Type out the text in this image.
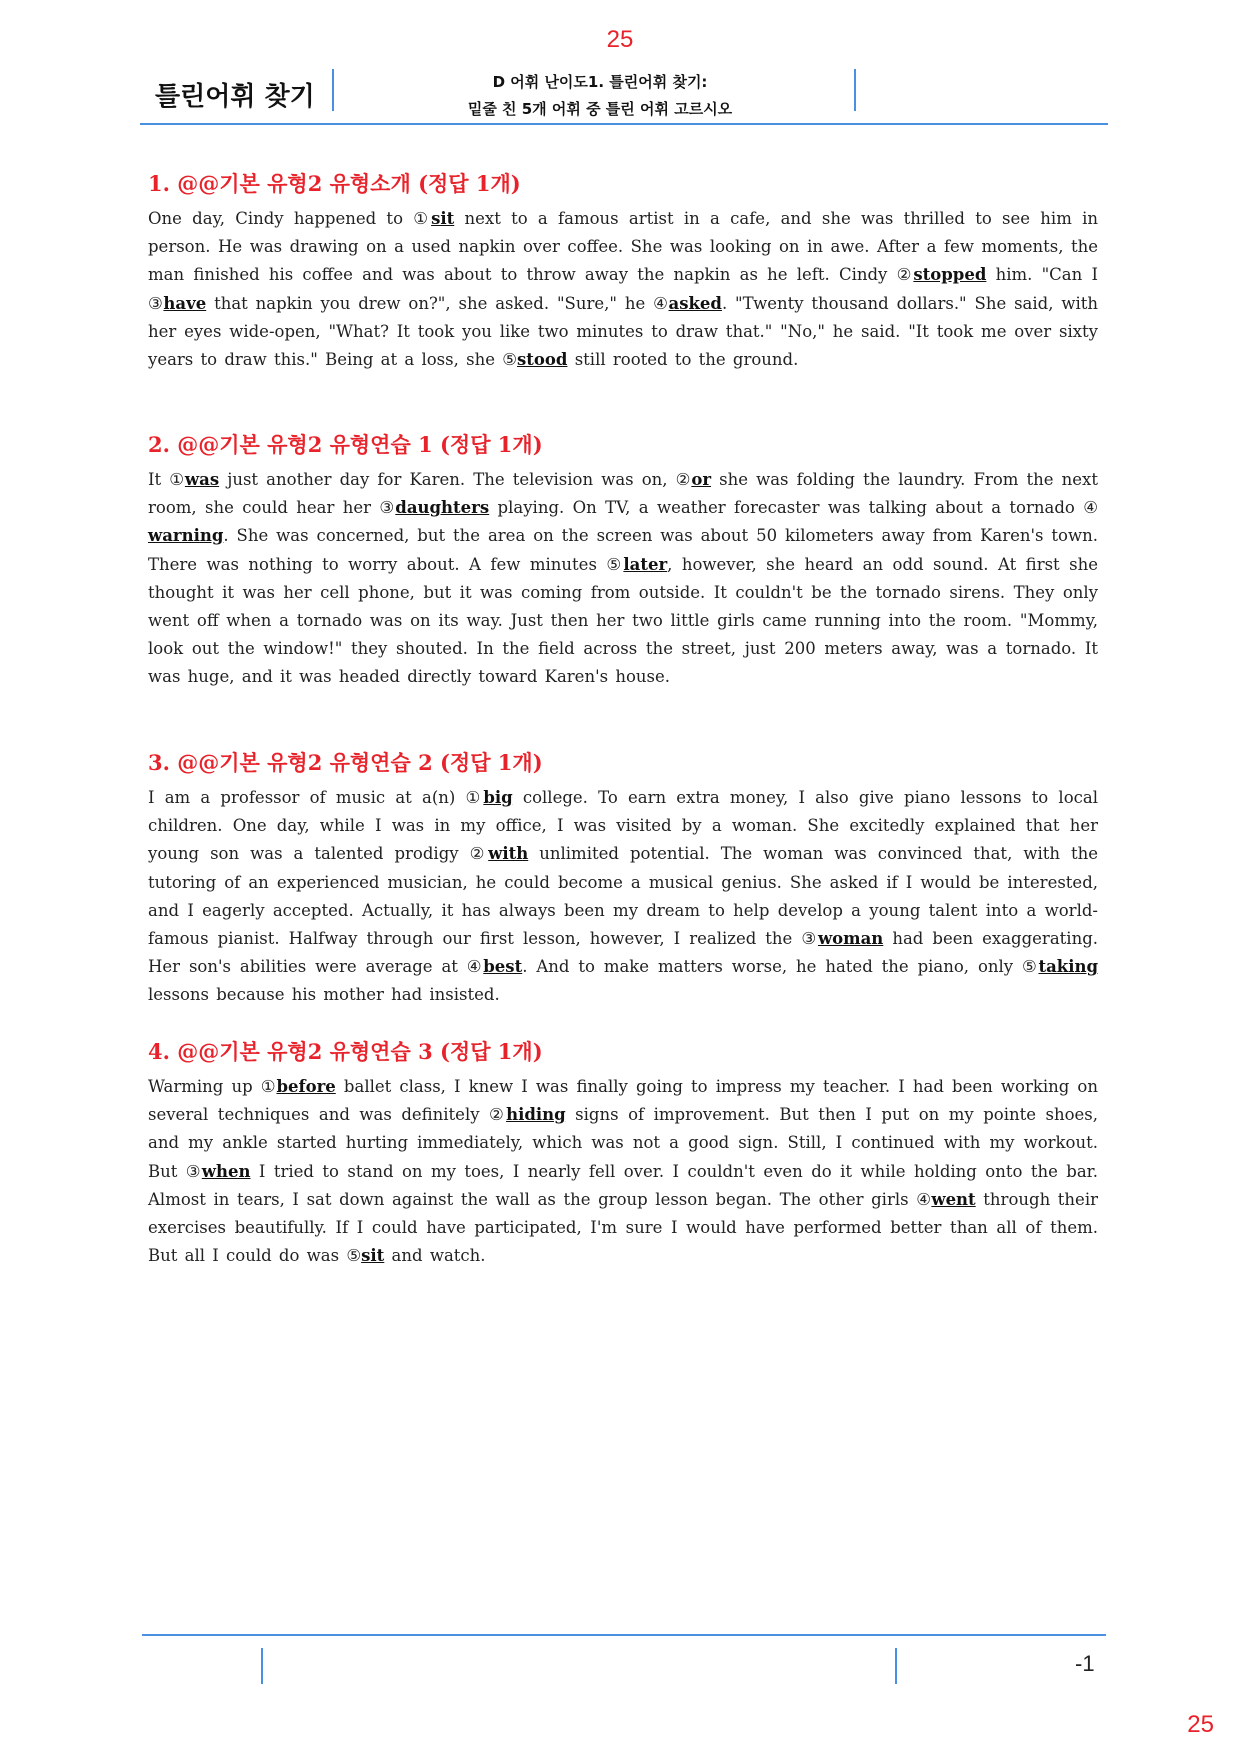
25
틀린어휘 찾기	D 어휘 난이도1. 틀린어휘 찾기:
밑줄 친 5개 어휘 중 틀린 어휘 고르시오
1. @@기본 유형2 유형소개 (정답 1개)

One day, Cindy happened to ①sit next to a famous artist in a cafe, and she was thrilled to see him in person. He was drawing on a used napkin over coffee. She was looking on in awe. After a few moments, the man finished his coffee and was about to throw away the napkin as he left. Cindy ②stopped him. "Can I ③have that napkin you drew on?", she asked. "Sure," he ④asked. "Twenty thousand dollars." She said, with her eyes wide-open, "What? It took you like two minutes to draw that." "No," he said. "It took me over sixty years to draw this." Being at a loss, she ⑤stood still rooted to the ground.

2. @@기본 유형2 유형연습 1 (정답 1개)

It ①was just another day for Karen. The television was on, ②or she was folding the laundry. From the next room, she could hear her ③daughters playing. On TV, a weather forecaster was talking about a tornado ④ warning. She was concerned, but the area on the screen was about 50 kilometers away from Karen's town. There was nothing to worry about. A few minutes ⑤later, however, she heard an odd sound. At first she thought it was her cell phone, but it was coming from outside. It couldn't be the tornado sirens. They only went off when a tornado was on its way. Just then her two little girls came running into the room. "Mommy, look out the window!" they shouted. In the field across the street, just 200 meters away, was a tornado. It was huge, and it was headed directly toward Karen's house.

3. @@기본 유형2 유형연습 2 (정답 1개)

I am a professor of music at a(n) ①big college. To earn extra money, I also give piano lessons to local children. One day, while I was in my office, I was visited by a woman. She excitedly explained that her young son was a talented prodigy ②with unlimited potential. The woman was convinced that, with the tutoring of an experienced musician, he could become a musical genius. She asked if I would be interested, and I eagerly accepted. Actually, it has always been my dream to help develop a young talent into a world-famous pianist. Halfway through our first lesson, however, I realized the ③woman had been exaggerating. Her son's abilities were average at ④best. And to make matters worse, he hated the piano, only ⑤taking lessons because his mother had insisted.

4. @@기본 유형2 유형연습 3 (정답 1개)

Warming up ①before ballet class, I knew I was finally going to impress my teacher. I had been working on several techniques and was definitely ②hiding signs of improvement. But then I put on my pointe shoes, and my ankle started hurting immediately, which was not a good sign. Still, I continued with my workout. But ③when I tried to stand on my toes, I nearly fell over. I couldn't even do it while holding onto the bar. Almost in tears, I sat down against the wall as the group lesson began. The other girls ④went through their exercises beautifully. If I could have participated, I'm sure I would have performed better than all of them. But all I could do was ⑤sit and watch.

-1
25
